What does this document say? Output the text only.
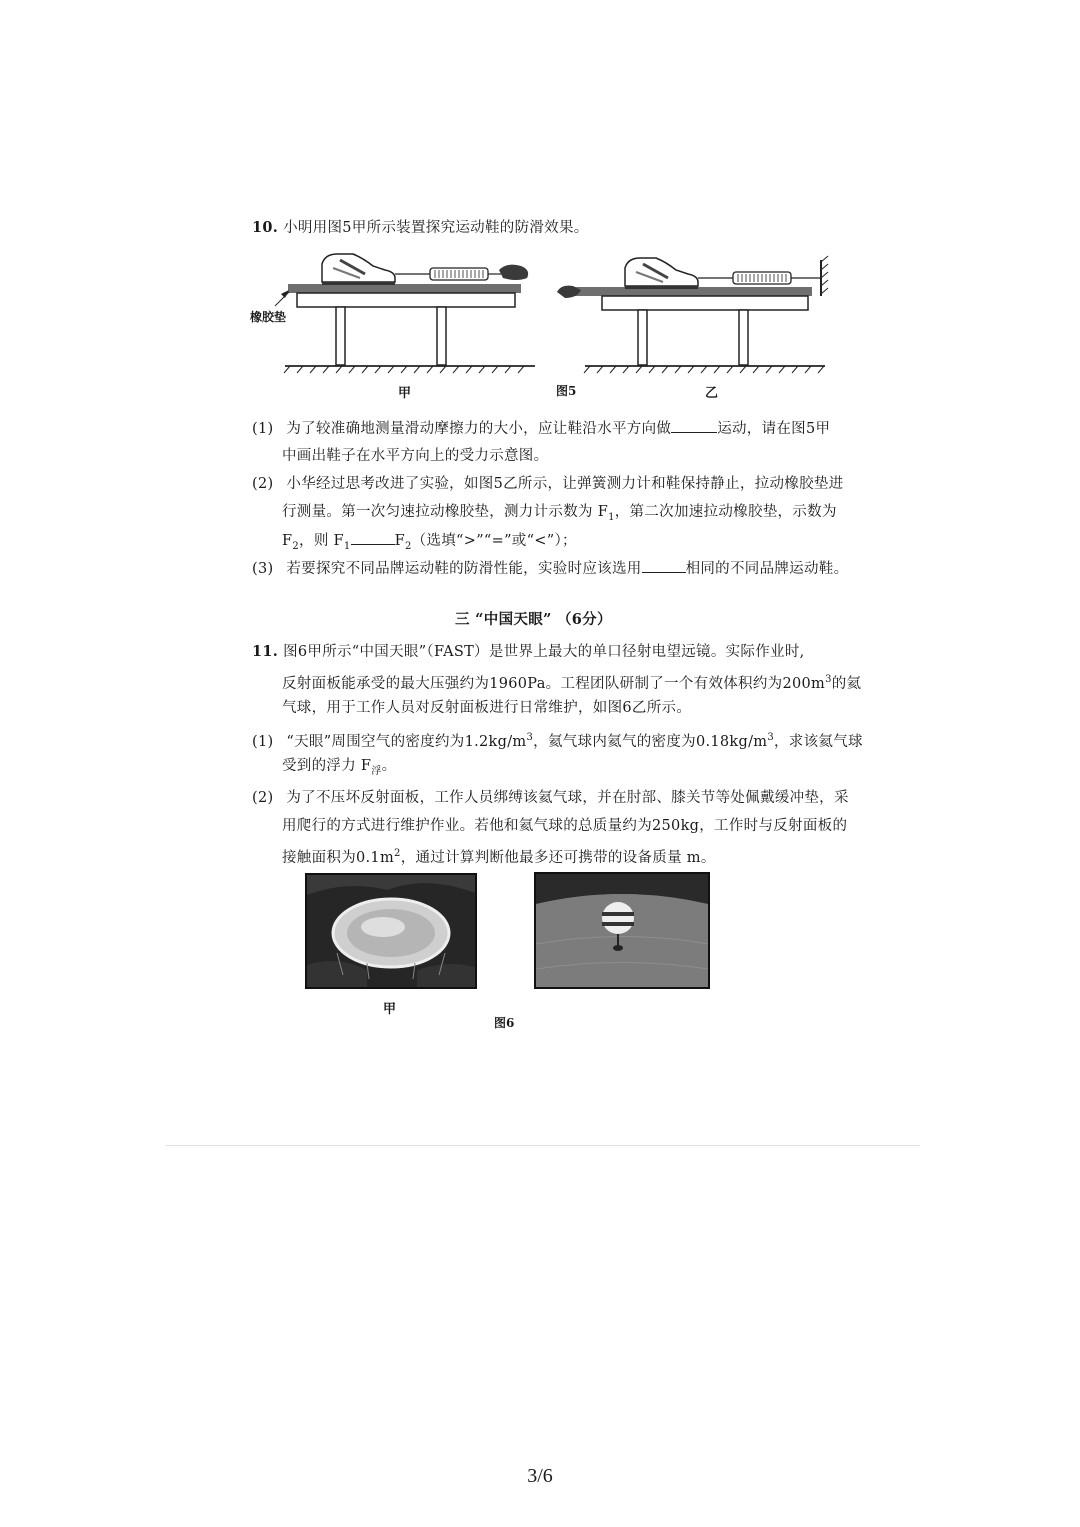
10. 小明用图5甲所示装置探究运动鞋的防滑效果。
橡胶垫
甲	图5	乙
(1) 为了较准确地测量滑动摩擦力的大小，应让鞋沿水平方向做	运动，请在图5甲
中画出鞋子在水平方向上的受力示意图。
(2) 小华经过思考改进了实验，如图5乙所示，让弹簧测力计和鞋保持静止，拉动橡胶垫进
行测量。第一次匀速拉动橡胶垫，测力计示数为 $F_1$，第二次加速拉动橡胶垫，示数为
$F_2$，则 $F_1$	$F_2$（选填“>”“=”或“<”）；
(3) 若要探究不同品牌运动鞋的防滑性能，实验时应该选用	相同的不同品牌运动鞋。
三 “中国天眼” （6分）
11. 图6甲所示“中国天眼”（FAST）是世界上最大的单口径射电望远镜。实际作业时,
反射面板能承受的最大压强约为1960Pa。工程团队研制了一个有效体积约为$200m^3$的氦
气球，用于工作人员对反射面板进行日常维护，如图6乙所示。
(1) “天眼”周围空气的密度约为$1.2kg/m^3$，氦气球内氦气的密度为$0.18kg/m^3$，求该氦气球
受到的浮力 $F_浮$。
(2) 为了不压坏反射面板，工作人员绑缚该氦气球，并在肘部、膝关节等处佩戴缓冲垫，采
用爬行的方式进行维护作业。若他和氦气球的总质量约为250kg，工作时与反射面板的
接触面积为$0.1m^2$，通过计算判断他最多还可携带的设备质量 m。
甲
图6
3/6
